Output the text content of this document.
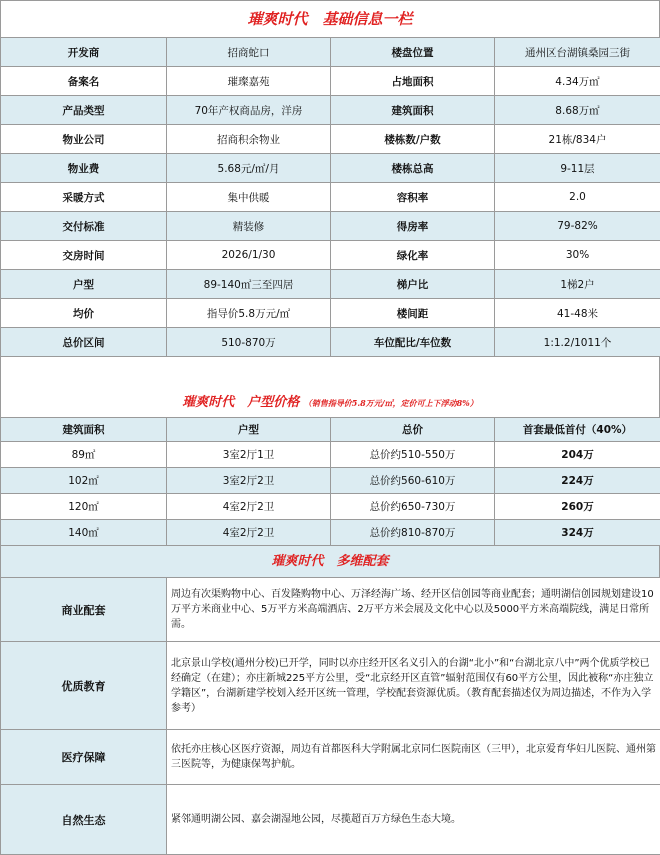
璀爽时代　基础信息一栏
开发商	招商蛇口	楼盘位置	通州区台湖镇桑园三街
备案名	璀璨嘉苑	占地面积	4.34万㎡
产品类型	70年产权商品房，洋房	建筑面积	8.68万㎡
物业公司	招商积余物业	楼栋数/户数	21栋/834户
物业费	5.68元/㎡/月	楼栋总高	9-11层
采暖方式	集中供暖	容积率	2.0
交付标准	精装修	得房率	79-82%
交房时间	2026/1/30	绿化率	30%
户型	89-140㎡三至四居	梯户比	1梯2户
均价	指导价5.8万元/㎡	楼间距	41-48米
总价区间	510-870万	车位配比/车位数	1:1.2/1011个
璀爽时代　户型价格 （销售指导价5.8万元/㎡，定价可上下浮动8%）
建筑面积	户型	总价	首套最低首付（40%）
89㎡	3室2厅1卫	总价约510-550万	204万
102㎡	3室2厅2卫	总价约560-610万	224万
120㎡	4室2厅2卫	总价约650-730万	260万
140㎡	4室2厅2卫	总价约810-870万	324万
璀爽时代　多维配套
商业配套	周边有次渠购物中心、百发隆购物中心、万泽经海广场、经开区信创园等商业配套；通明湖信创园规划建设10万平方米商业中心、5万平方米高端酒店、2万平方米会展及文化中心以及5000平方米高端院线，满足日常所需。
优质教育	北京景山学校(通州分校)已开学，同时以亦庄经开区名义引入的台湖“北小”和“台湖北京八中”两个优质学校已经确定（在建）；亦庄新城225平方公里，受“北京经开区直管”辐射范围仅有60平方公里，因此被称“亦庄独立学籍区”，台湖新建学校划入经开区统一管理，学校配套资源优质。（教育配套描述仅为周边描述，不作为入学参考）
医疗保障	依托亦庄核心区医疗资源，周边有首都医科大学附属北京同仁医院南区（三甲），北京爱育华妇儿医院、通州第三医院等，为健康保驾护航。
自然生态	紧邻通明湖公园、嘉会湖湿地公园，尽揽超百万方绿色生态大境。
